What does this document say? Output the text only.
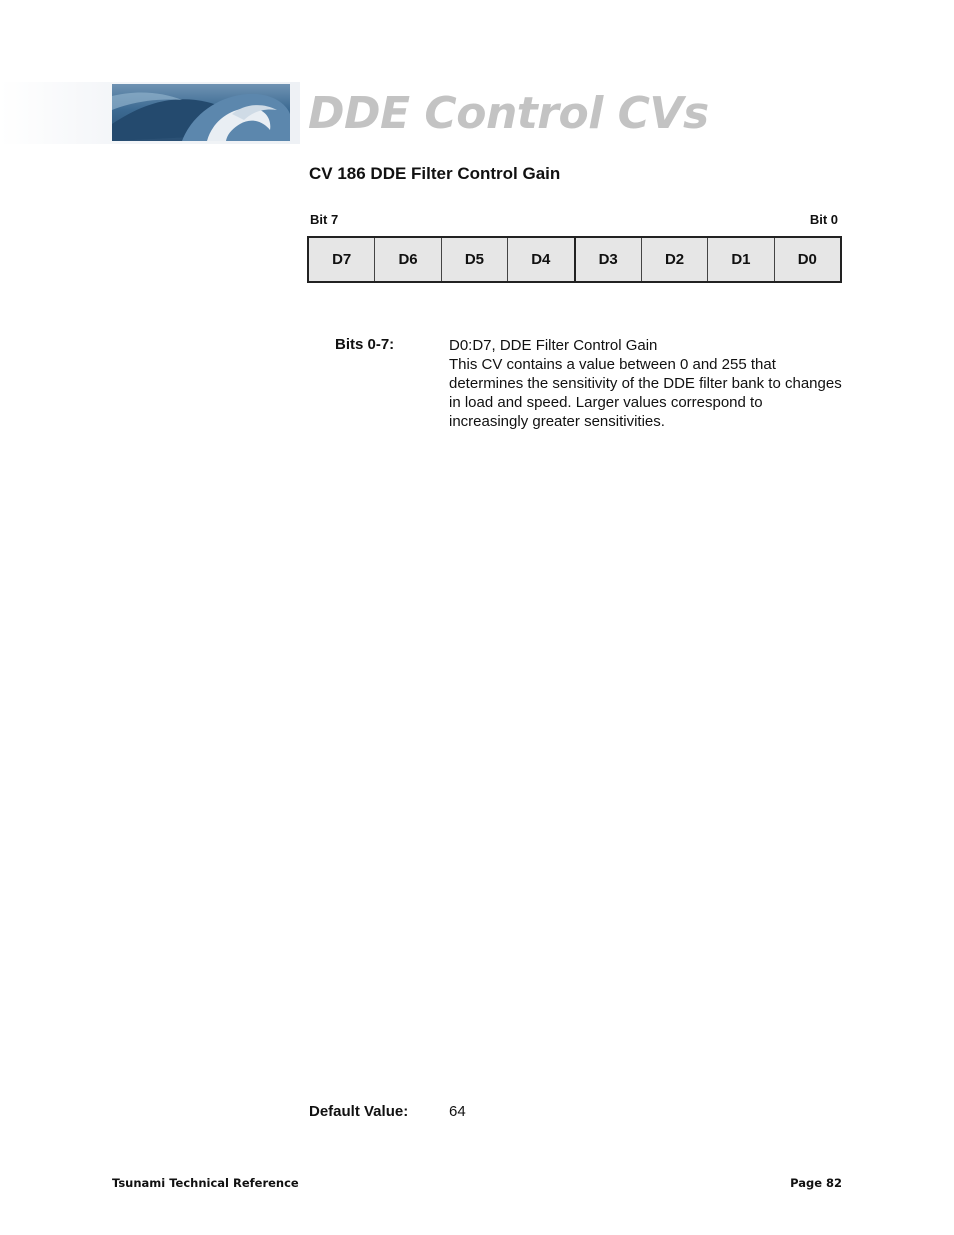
DDE Control CVs
CV 186 DDE Filter Control Gain
Bit 7	Bit 0
D7	D6	D5	D4	D3	D2	D1	D0
Bits 0-7:	D0:D7, DDE Filter Control Gain

This CV contains a value between 0 and 255 that determines the sensitivity of the DDE filter bank to changes in load and speed. Larger values correspond to increasingly greater sensitivities.

Default Value:	64
Tsunami Technical Reference	Page 82
